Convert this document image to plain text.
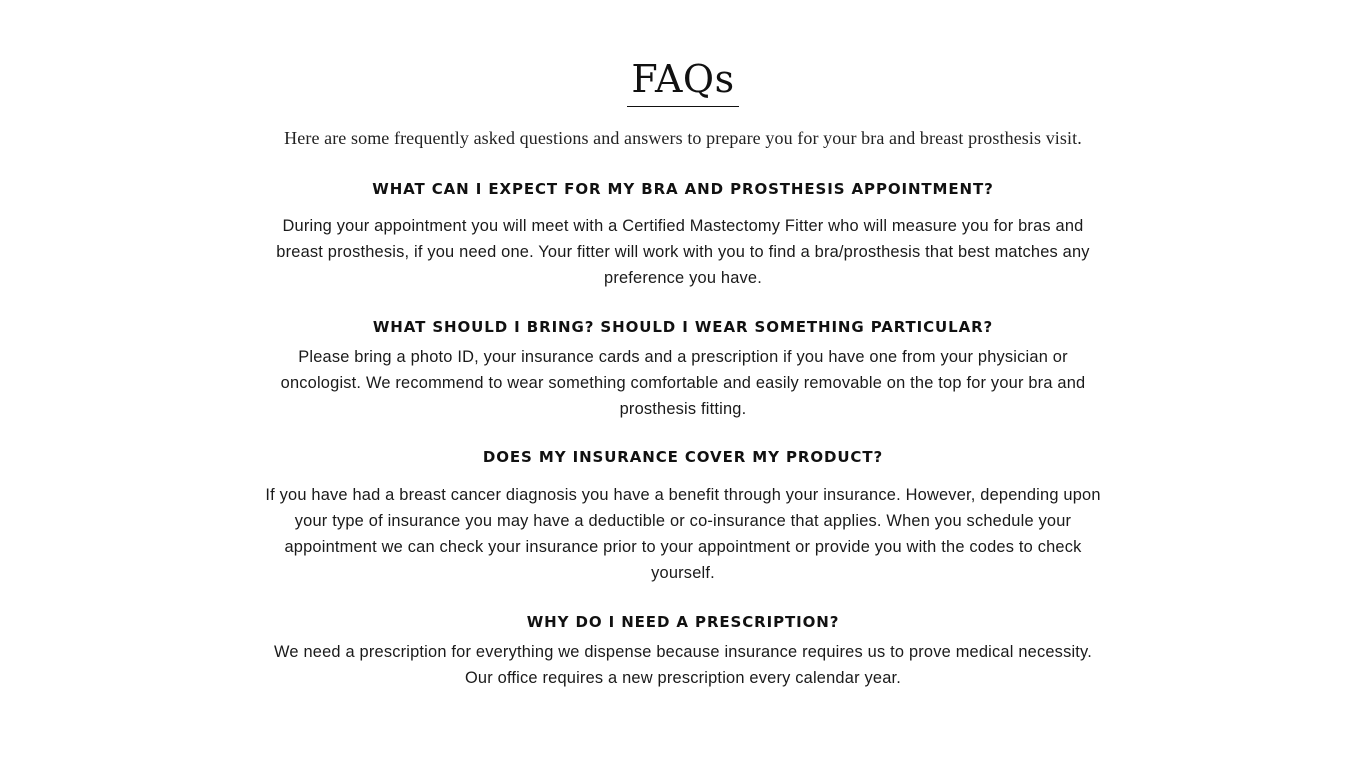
FAQs

Here are some frequently asked questions and answers to prepare you for your bra and breast prosthesis visit.

WHAT CAN I EXPECT FOR MY BRA AND PROSTHESIS APPOINTMENT?

During your appointment you will meet with a Certified Mastectomy Fitter who will measure you for bras and breast prosthesis, if you need one. Your fitter will work with you to find a bra/prosthesis that best matches any preference you have.

WHAT SHOULD I BRING? SHOULD I WEAR SOMETHING PARTICULAR?

Please bring a photo ID, your insurance cards and a prescription if you have one from your physician or oncologist. We recommend to wear something comfortable and easily removable on the top for your bra and prosthesis fitting.

DOES MY INSURANCE COVER MY PRODUCT?

If you have had a breast cancer diagnosis you have a benefit through your insurance. However, depending upon your type of insurance you may have a deductible or co-insurance that applies. When you schedule your appointment we can check your insurance prior to your appointment or provide you with the codes to check yourself.

WHY DO I NEED A PRESCRIPTION?

We need a prescription for everything we dispense because insurance requires us to prove medical necessity. Our office requires a new prescription every calendar year.
